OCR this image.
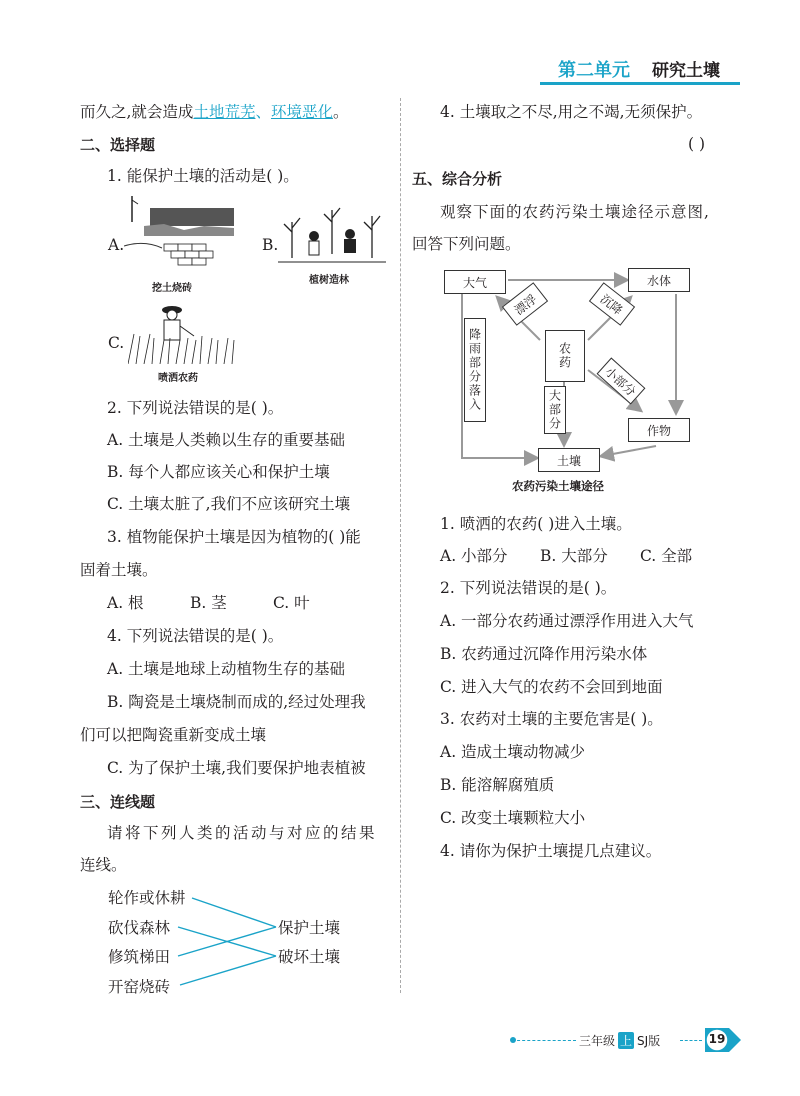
第二单元 研究土壤
而久之,就会造成土地荒芜、环境恶化。
二、选择题
1. 能保护土壤的活动是( )。
A.
挖土烧砖
B.
植树造林
C.
喷洒农药
2. 下列说法错误的是( )。
A. 土壤是人类赖以生存的重要基础
B. 每个人都应该关心和保护土壤
C. 土壤太脏了,我们不应该研究土壤
3. 植物能保护土壤是因为植物的( )能
固着土壤。
A. 根	B. 茎	C. 叶
4. 下列说法错误的是( )。
A. 土壤是地球上动植物生存的基础
B. 陶瓷是土壤烧制而成的,经过处理我
们可以把陶瓷重新变成土壤
C. 为了保护土壤,我们要保护地表植被
三、连线题
请将下列人类的活动与对应的结果
连线。
轮作或休耕
砍伐森林
修筑梯田
开窑烧砖
保护土壤
破坏土壤
4. 土壤取之不尽,用之不竭,无须保护。
( )
五、综合分析
观察下面的农药污染土壤途径示意图,
回答下列问题。
大气	水体
农药
作物
土壤
漂浮	沉降
降雨部分落入	大部分
小部分
农药污染土壤途径
1. 喷洒的农药( )进入土壤。
A. 小部分 B. 大部分 C. 全部
2. 下列说法错误的是( )。
A. 一部分农药通过漂浮作用进入大气
B. 农药通过沉降作用污染水体
C. 进入大气的农药不会回到地面
3. 农药对土壤的主要危害是( )。
A. 造成土壤动物减少
B. 能溶解腐殖质
C. 改变土壤颗粒大小
4. 请你为保护土壤提几点建议。
三年级 上 SJ版	19
